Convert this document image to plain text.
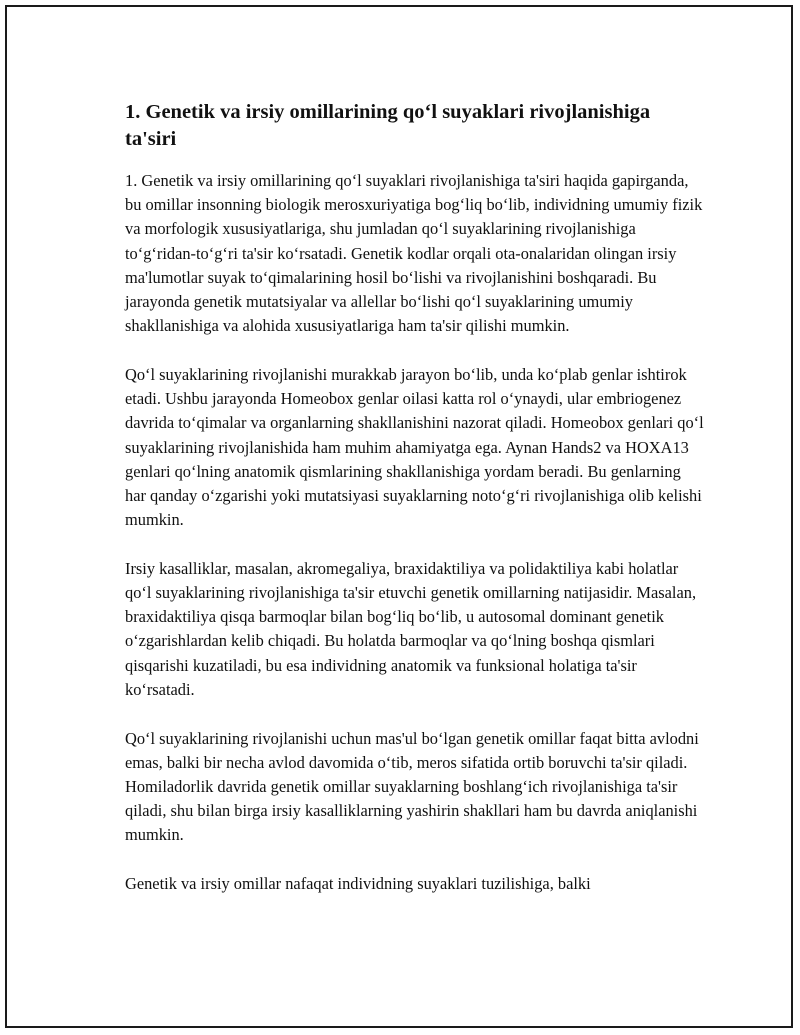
1. Genetik va irsiy omillarining qo‘l suyaklari rivojlanishiga ta'siri

1. Genetik va irsiy omillarining qo‘l suyaklari rivojlanishiga ta'siri haqida gapirganda, bu omillar insonning biologik merosxuriyatiga bog‘liq bo‘lib, individning umumiy fizik va morfologik xususiyatlariga, shu jumladan qo‘l suyaklarining rivojlanishiga to‘g‘ridan-to‘g‘ri ta'sir ko‘rsatadi. Genetik kodlar orqali ota-onalaridan olingan irsiy ma'lumotlar suyak to‘qimalarining hosil bo‘lishi va rivojlanishini boshqaradi. Bu jarayonda genetik mutatsiyalar va allellar bo‘lishi qo‘l suyaklarining umumiy shakllanishiga va alohida xususiyatlariga ham ta'sir qilishi mumkin.

Qo‘l suyaklarining rivojlanishi murakkab jarayon bo‘lib, unda ko‘plab genlar ishtirok etadi. Ushbu jarayonda Homeobox genlar oilasi katta rol o‘ynaydi, ular embriogenez davrida to‘qimalar va organlarning shakllanishini nazorat qiladi. Homeobox genlari qo‘l suyaklarining rivojlanishida ham muhim ahamiyatga ega. Aynan Hands2 va HOXA13 genlari qo‘lning anatomik qismlarining shakllanishiga yordam beradi. Bu genlarning har qanday o‘zgarishi yoki mutatsiyasi suyaklarning noto‘g‘ri rivojlanishiga olib kelishi mumkin.

Irsiy kasalliklar, masalan, akromegaliya, braxidaktiliya va polidaktiliya kabi holatlar qo‘l suyaklarining rivojlanishiga ta'sir etuvchi genetik omillarning natijasidir. Masalan, braxidaktiliya qisqa barmoqlar bilan bog‘liq bo‘lib, u autosomal dominant genetik o‘zgarishlardan kelib chiqadi. Bu holatda barmoqlar va qo‘lning boshqa qismlari qisqarishi kuzatiladi, bu esa individning anatomik va funksional holatiga ta'sir ko‘rsatadi.

Qo‘l suyaklarining rivojlanishi uchun mas'ul bo‘lgan genetik omillar faqat bitta avlodni emas, balki bir necha avlod davomida o‘tib, meros sifatida ortib boruvchi ta'sir qiladi. Homiladorlik davrida genetik omillar suyaklarning boshlang‘ich rivojlanishiga ta'sir qiladi, shu bilan birga irsiy kasalliklarning yashirin shakllari ham bu davrda aniqlanishi mumkin.

Genetik va irsiy omillar nafaqat individning suyaklari tuzilishiga, balki
